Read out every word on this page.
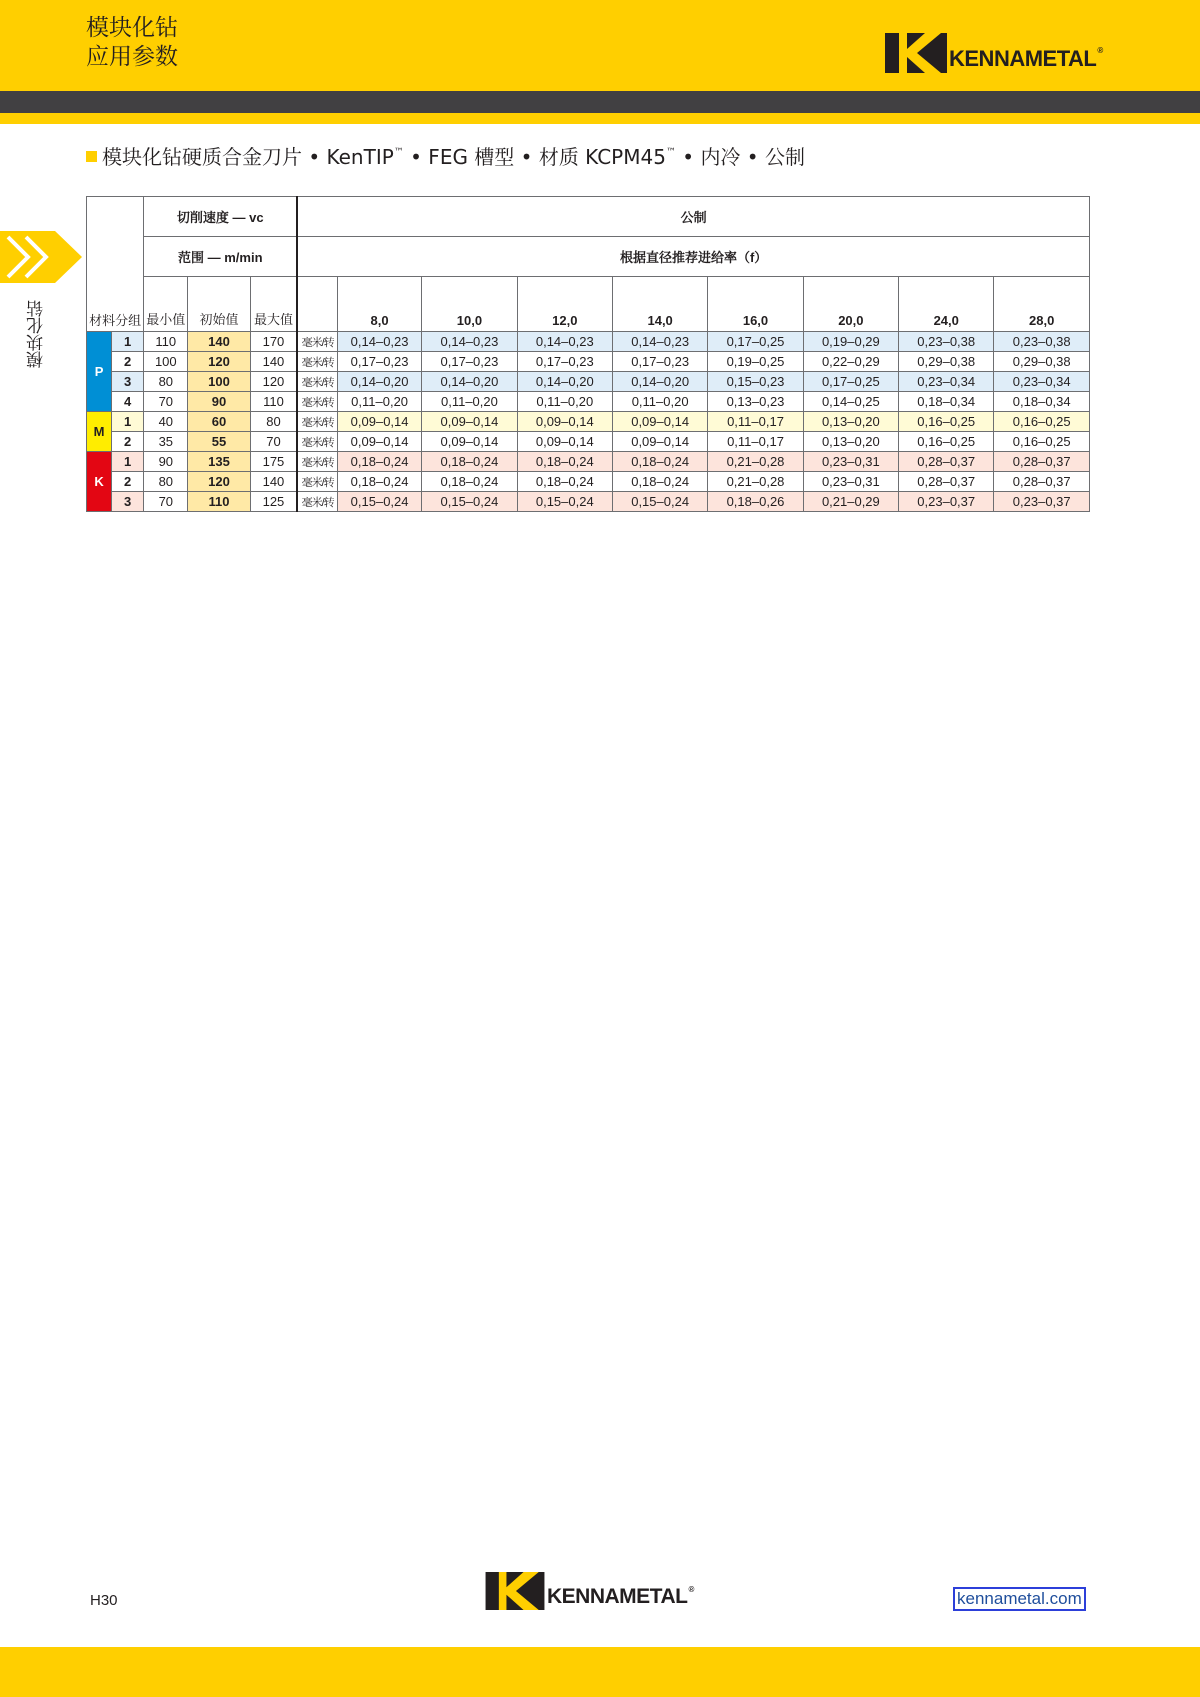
模块化钻
应用参数	KENNAMETAL®
模块化钻
模块化钻硬质合金刀片 • KenTIP™ • FEG 槽型 • 材质 KCPM45™ • 内冷 • 公制
材料分组		切削速度 — vc			公制								
		范围 — m/min			根据直径推荐进给率（f）								
		最小值	初始值	最大值		8,0	10,0	12,0	14,0	16,0	20,0	24,0	28,0
P	1	110	140	170	毫米/转	0,14–0,23	0,14–0,23	0,14–0,23	0,14–0,23	0,17–0,25	0,19–0,29	0,23–0,38	0,23–0,38
	2	100	120	140	毫米/转	0,17–0,23	0,17–0,23	0,17–0,23	0,17–0,23	0,19–0,25	0,22–0,29	0,29–0,38	0,29–0,38
	3	80	100	120	毫米/转	0,14–0,20	0,14–0,20	0,14–0,20	0,14–0,20	0,15–0,23	0,17–0,25	0,23–0,34	0,23–0,34
	4	70	90	110	毫米/转	0,11–0,20	0,11–0,20	0,11–0,20	0,11–0,20	0,13–0,23	0,14–0,25	0,18–0,34	0,18–0,34
M	1	40	60	80	毫米/转	0,09–0,14	0,09–0,14	0,09–0,14	0,09–0,14	0,11–0,17	0,13–0,20	0,16–0,25	0,16–0,25
	2	35	55	70	毫米/转	0,09–0,14	0,09–0,14	0,09–0,14	0,09–0,14	0,11–0,17	0,13–0,20	0,16–0,25	0,16–0,25
K	1	90	135	175	毫米/转	0,18–0,24	0,18–0,24	0,18–0,24	0,18–0,24	0,21–0,28	0,23–0,31	0,28–0,37	0,28–0,37
	2	80	120	140	毫米/转	0,18–0,24	0,18–0,24	0,18–0,24	0,18–0,24	0,21–0,28	0,23–0,31	0,28–0,37	0,28–0,37
	3	70	110	125	毫米/转	0,15–0,24	0,15–0,24	0,15–0,24	0,15–0,24	0,18–0,26	0,21–0,29	0,23–0,37	0,23–0,37
H30	KENNAMETAL®	kennametal.com
